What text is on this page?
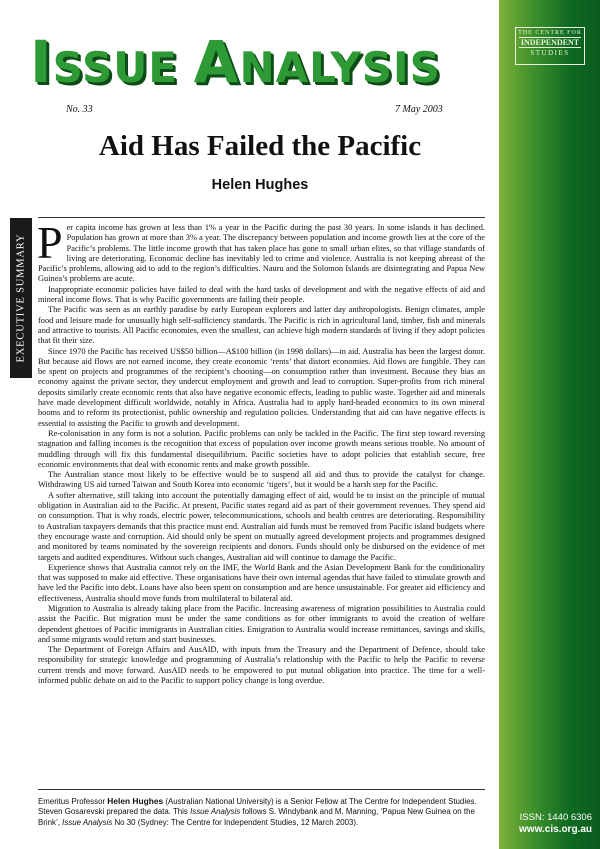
THE CENTRE FOR
INDEPENDENT
STUDIES
ISSN: 1440 6306
www.cis.org.au
ISSUE ANALYSIS
No. 33	7 May 2003
Aid Has Failed the Pacific
Helen Hughes
EXECUTIVE SUMMARY Per capita income has grown at less than 1% a year in the Pacific during the past 30 years. In some islands it has declined. Population has grown at more than 3% a year. The discrepancy between population and income growth lies at the core of the Pacific’s problems. The little income growth that has taken place has gone to small urban elites, so that village standards of living are deteriorating. Economic decline has inevitably led to crime and violence. Australia is not keeping abreast of the Pacific’s problems, allowing aid to add to the region’s difficulties. Nauru and the Solomon Islands are disintegrating and Papua New Guinea’s problems are acute.

Inappropriate economic policies have failed to deal with the hard tasks of development and with the negative effects of aid and mineral income flows. That is why Pacific governments are failing their people.

The Pacific was seen as an earthly paradise by early European explorers and latter day anthropologists. Benign climates, ample food and leisure made for unusually high self-sufficiency standards. The Pacific is rich in agricultural land, timber, fish and minerals and attractive to tourists. All Pacific economies, even the smallest, can achieve high modern standards of living if they adopt policies that fit their size.

Since 1970 the Pacific has received US$50 billion—A$100 billion (in 1998 dollars)—in aid. Australia has been the largest donor. But because aid flows are not earned income, they create economic ‘rents’ that distort economies. Aid flows are fungible. They can be spent on projects and programmes of the recipient’s choosing—on consumption rather than investment. Because they bias an economy against the private sector, they undercut employment and growth and lead to corruption. Super-profits from rich mineral deposits similarly create economic rents that also have negative economic effects, leading to public waste. Together aid and minerals have made development difficult worldwide, notably in Africa. Australia had to apply hard-headed economics to its own mineral booms and to reform its protectionist, public ownership and regulation policies. Understanding that aid can have negative effects is essential to assisting the Pacific to growth and development.

Re-colonisation in any form is not a solution. Pacific problems can only be tackled in the Pacific. The first step toward reversing stagnation and falling incomes is the recognition that excess of population over income growth means serious trouble. No amount of muddling through will fix this fundamental disequilibrium. Pacific societies have to adopt policies that establish secure, free economic environments that deal with economic rents and make growth possible.

The Australian stance most likely to be effective would be to suspend all aid and thus to provide the catalyst for change. Withdrawing US aid turned Taiwan and South Korea into economic ‘tigers’, but it would be a harsh step for the Pacific.

A softer alternative, still taking into account the potentially damaging effect of aid, would be to insist on the principle of mutual obligation in Australian aid to the Pacific. At present, Pacific states regard aid as part of their government revenues. They spend aid on consumption. That is why roads, electric power, telecommunications, schools and health centres are deteriorating. Responsibility to Australian taxpayers demands that this practice must end. Australian aid funds must be removed from Pacific island budgets where they encourage waste and corruption. Aid should only be spent on mutually agreed development projects and programmes designed and monitored by teams nominated by the sovereign recipients and donors. Funds should only be disbursed on the evidence of met targets and audited expenditures. Without such changes, Australian aid will continue to damage the Pacific.

Experience shows that Australia cannot rely on the IMF, the World Bank and the Asian Development Bank for the conditionality that was supposed to make aid effective. These organisations have their own internal agendas that have failed to stimulate growth and have led the Pacific into debt. Loans have also been spent on consumption and are hence unsustainable. For greater aid efficiency and effectiveness, Australia should move funds from multilateral to bilateral aid.

Migration to Australia is already taking place from the Pacific. Increasing awareness of migration possibilities to Australia could assist the Pacific. But migration must be under the same conditions as for other immigrants to avoid the creation of welfare dependent ghettoes of Pacific immigrants in Australian cities. Emigration to Australia would increase remittances, savings and skills, and some migrants would return and start businesses.

The Department of Foreign Affairs and AusAID, with inputs from the Treasury and the Department of Defence, should take responsibility for strategic knowledge and programming of Australia’s relationship with the Pacific to help the Pacific to reverse current trends and move forward. AusAID needs to be empowered to put mutual obligation into practice. The time for a well-informed public debate on aid to the Pacific to support policy change is long overdue.

Emeritus Professor Helen Hughes (Australian National University) is a Senior Fellow at The Centre for Independent Studies.

Steven Gosarevski prepared the data. This Issue Analysis follows S. Windybank and M. Manning, ‘Papua New Guinea on the Brink’, Issue Analysis No 30 (Sydney: The Centre for Independent Studies, 12 March 2003).
